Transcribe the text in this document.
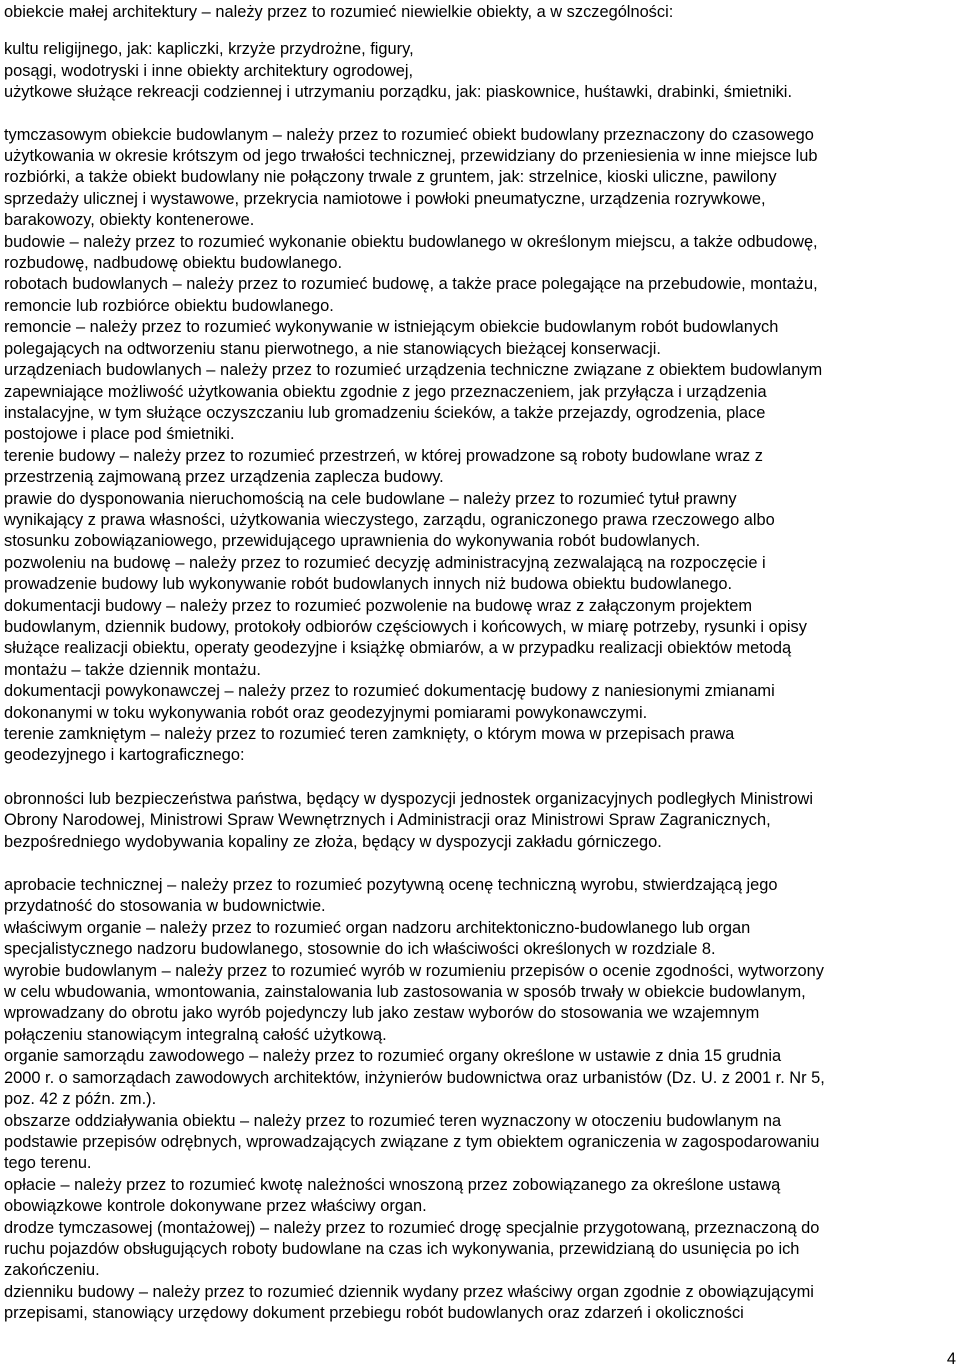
obiekcie małej architektury – należy przez to rozumieć niewielkie obiekty, a w szczególności:

kultu religijnego, jak: kapliczki, krzyże przydrożne, figury,
posągi, wodotryski i inne obiekty architektury ogrodowej,
użytkowe służące rekreacji codziennej i utrzymaniu porządku, jak: piaskownice, huśtawki, drabinki, śmietniki.

tymczasowym obiekcie budowlanym – należy przez to rozumieć obiekt budowlany przeznaczony do czasowego
użytkowania w okresie krótszym od jego trwałości technicznej, przewidziany do przeniesienia w inne miejsce lub
rozbiórki, a także obiekt budowlany nie połączony trwale z gruntem, jak: strzelnice, kioski uliczne, pawilony
sprzedaży ulicznej i wystawowe, przekrycia namiotowe i powłoki pneumatyczne, urządzenia rozrywkowe,
barakowozy, obiekty kontenerowe.

budowie – należy przez to rozumieć wykonanie obiektu budowlanego w określonym miejscu, a także odbudowę,
rozbudowę, nadbudowę obiektu budowlanego.

robotach budowlanych – należy przez to rozumieć budowę, a także prace polegające na przebudowie, montażu,
remoncie lub rozbiórce obiektu budowlanego.

remoncie – należy przez to rozumieć wykonywanie w istniejącym obiekcie budowlanym robót budowlanych
polegających na odtworzeniu stanu pierwotnego, a nie stanowiących bieżącej konserwacji.

urządzeniach budowlanych – należy przez to rozumieć urządzenia techniczne związane z obiektem budowlanym
zapewniające możliwość użytkowania obiektu zgodnie z jego przeznaczeniem, jak przyłącza i urządzenia
instalacyjne, w tym służące oczyszczaniu lub gromadzeniu ścieków, a także przejazdy, ogrodzenia, place
postojowe i place pod śmietniki.

terenie budowy – należy przez to rozumieć przestrzeń, w której prowadzone są roboty budowlane wraz z
przestrzenią zajmowaną przez urządzenia zaplecza budowy.

prawie do dysponowania nieruchomością na cele budowlane – należy przez to rozumieć tytuł prawny
wynikający z prawa własności, użytkowania wieczystego, zarządu, ograniczonego prawa rzeczowego albo
stosunku zobowiązaniowego, przewidującego uprawnienia do wykonywania robót budowlanych.

pozwoleniu na budowę – należy przez to rozumieć decyzję administracyjną zezwalającą na rozpoczęcie i
prowadzenie budowy lub wykonywanie robót budowlanych innych niż budowa obiektu budowlanego.

dokumentacji budowy – należy przez to rozumieć pozwolenie na budowę wraz z załączonym projektem
budowlanym, dziennik budowy, protokoły odbiorów częściowych i końcowych, w miarę potrzeby, rysunki i opisy
służące realizacji obiektu, operaty geodezyjne i książkę obmiarów, a w przypadku realizacji obiektów metodą
montażu – także dziennik montażu.

dokumentacji powykonawczej – należy przez to rozumieć dokumentację budowy z naniesionymi zmianami
dokonanymi w toku wykonywania robót oraz geodezyjnymi pomiarami powykonawczymi.

terenie zamkniętym – należy przez to rozumieć teren zamknięty, o którym mowa w przepisach prawa
geodezyjnego i kartograficznego:

obronności lub bezpieczeństwa państwa, będący w dyspozycji jednostek organizacyjnych podległych Ministrowi
Obrony Narodowej, Ministrowi Spraw Wewnętrznych i Administracji oraz Ministrowi Spraw Zagranicznych,
bezpośredniego wydobywania kopaliny ze złoża, będący w dyspozycji zakładu górniczego.

aprobacie technicznej – należy przez to rozumieć pozytywną ocenę techniczną wyrobu, stwierdzającą jego
przydatność do stosowania w budownictwie.

właściwym organie – należy przez to rozumieć organ nadzoru architektoniczno-budowlanego lub organ
specjalistycznego nadzoru budowlanego, stosownie do ich właściwości określonych w rozdziale 8.

wyrobie budowlanym – należy przez to rozumieć wyrób w rozumieniu przepisów o ocenie zgodności, wytworzony
w celu wbudowania, wmontowania, zainstalowania lub zastosowania w sposób trwały w obiekcie budowlanym,
wprowadzany do obrotu jako wyrób pojedynczy lub jako zestaw wyborów do stosowania we wzajemnym
połączeniu stanowiącym integralną całość użytkową.

organie samorządu zawodowego – należy przez to rozumieć organy określone w ustawie z dnia 15 grudnia
2000 r. o samorządach zawodowych architektów, inżynierów budownictwa oraz urbanistów (Dz. U. z 2001 r. Nr 5,
poz. 42 z późn. zm.).

obszarze oddziaływania obiektu – należy przez to rozumieć teren wyznaczony w otoczeniu budowlanym na
podstawie przepisów odrębnych, wprowadzających związane z tym obiektem ograniczenia w zagospodarowaniu
tego terenu.

opłacie – należy przez to rozumieć kwotę należności wnoszoną przez zobowiązanego za określone ustawą
obowiązkowe kontrole dokonywane przez właściwy organ.

drodze tymczasowej (montażowej) – należy przez to rozumieć drogę specjalnie przygotowaną, przeznaczoną do
ruchu pojazdów obsługujących roboty budowlane na czas ich wykonywania, przewidzianą do usunięcia po ich
zakończeniu.

dzienniku budowy – należy przez to rozumieć dziennik wydany przez właściwy organ zgodnie z obowiązującymi
przepisami, stanowiący urzędowy dokument przebiegu robót budowlanych oraz zdarzeń i okoliczności

4
